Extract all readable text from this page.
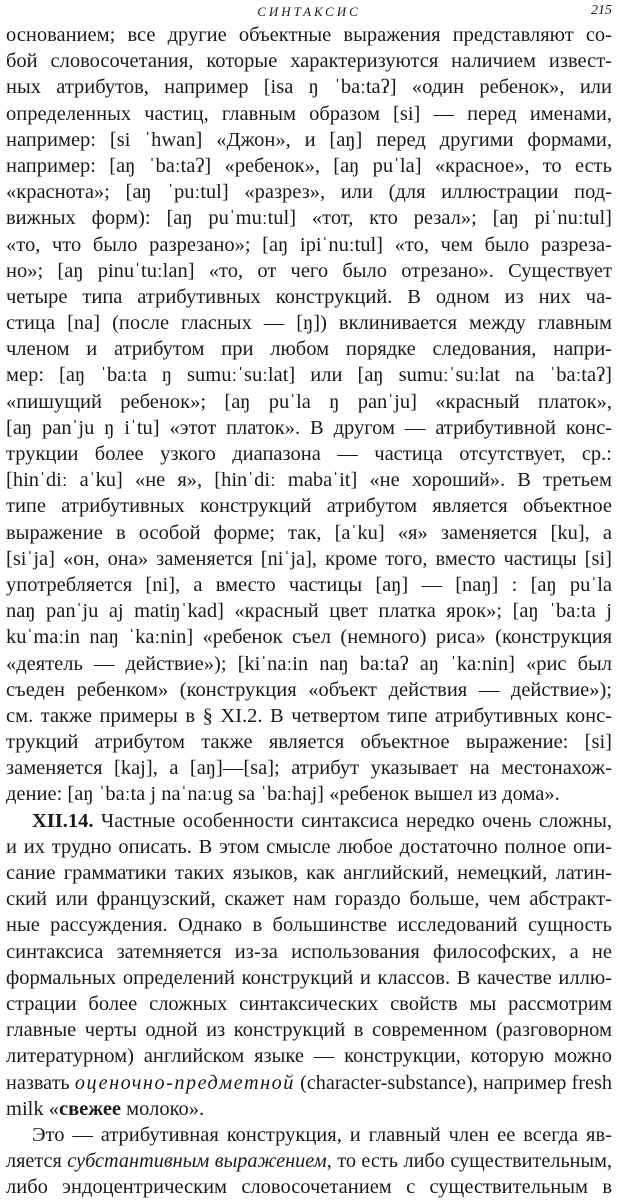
СИНТАКСИС	215
основанием; все другие объектные выражения представляют со-
бой словосочетания, которые характеризуются наличием извест-
ных атрибутов, например [isa ŋ ˈbaːtaʔ] «один ребенок», или
определенных частиц, главным образом [si] — перед именами,
например: [si ˈhwan] «Джон», и [aŋ] перед другими формами,
например: [aŋ ˈbaːtaʔ] «ребенок», [aŋ puˈla] «красное», то есть
«краснота»; [aŋ ˈpuːtul] «разрез», или (для иллюстрации под-
вижных форм): [aŋ puˈmuːtul] «тот, кто резал»; [aŋ piˈnuːtul]
«то, что было разрезано»; [aŋ ipiˈnuːtul] «то, чем было разреза-
но»; [aŋ pinuˈtuːlan] «то, от чего было отрезано». Существует
четыре типа атрибутивных конструкций. В одном из них ча-
стица [na] (после гласных — [ŋ]) вклинивается между главным
членом и атрибутом при любом порядке следования, напри-
мер: [aŋ ˈbaːta ŋ sumuːˈsuːlat] или [aŋ sumuːˈsuːlat na ˈbaːtaʔ]
«пишущий ребенок»; [aŋ puˈla ŋ panˈju] «красный платок»,
[aŋ panˈju ŋ iˈtu] «этот платок». В другом — атрибутивной конс-
трукции более узкого диапазона — частица отсутствует, ср.:
[hinˈdiː aˈku] «не я», [hinˈdiː mabaˈit] «не хороший». В третьем
типе атрибутивных конструкций атрибутом является объектное
выражение в особой форме; так, [aˈku] «я» заменяется [ku], а
[siˈja] «он, она» заменяется [niˈja], кроме того, вместо частицы [si]
употребляется [ni], а вместо частицы [aŋ] — [naŋ] : [aŋ puˈla
naŋ panˈju aj matiŋˈkad] «красный цвет платка ярок»; [aŋ ˈbaːta j
kuˈmaːin naŋ ˈkaːnin] «ребенок съел (немного) риса» (конструкция
«деятель — действие»); [kiˈnaːin naŋ baːtaʔ aŋ ˈkaːnin] «рис был
съеден ребенком» (конструкция «объект действия — действие»);
см. также примеры в § XI.2. В четвертом типе атрибутивных конс-
трукций атрибутом также является объектное выражение: [si]
заменяется [kaj], а [aŋ]—[sa]; атрибут указывает на местонахож-
дение: [aŋ ˈbaːta j naˈnaːug sa ˈbaːhaj] «ребенок вышел из дома».
XII.14. Частные особенности синтаксиса нередко очень сложны,
и их трудно описать. В этом смысле любое достаточно полное опи-
сание грамматики таких языков, как английский, немецкий, латин-
ский или французский, скажет нам гораздо больше, чем абстракт-
ные рассуждения. Однако в большинстве исследований сущность
синтаксиса затемняется из-за использования философских, а не
формальных определений конструкций и классов. В качестве иллю-
страции более сложных синтаксических свойств мы рассмотрим
главные черты одной из конструкций в современном (разговорном
литературном) английском языке — конструкции, которую можно
назвать оценочно-предметной (character-substance), например fresh
milk «свежее молоко».
Это — атрибутивная конструкция, и главный член ее всегда яв-
ляется субстантивным выражением, то есть либо существительным,
либо эндоцентрическим словосочетанием с существительным в
